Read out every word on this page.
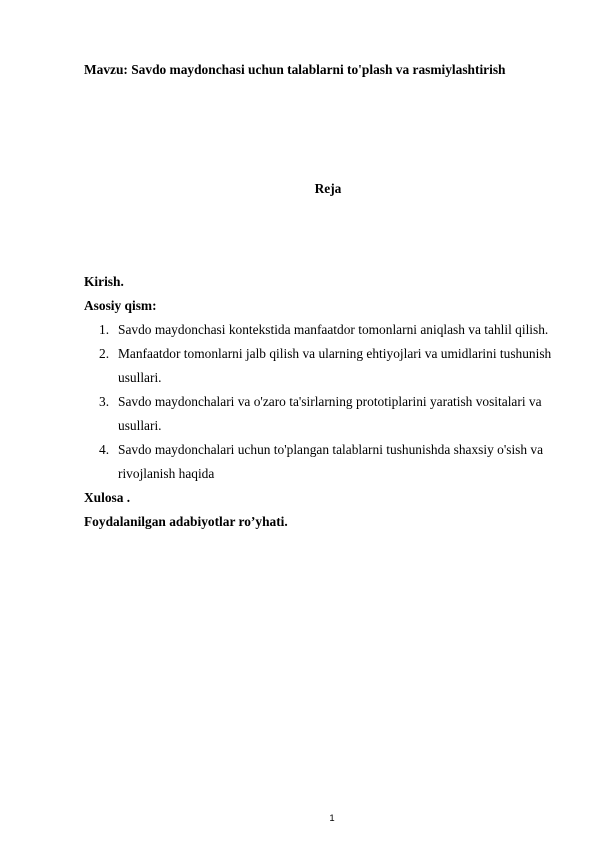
Mavzu: Savdo maydonchasi uchun talablarni to'plash va rasmiylashtirish
Reja

Kirish.

Asosiy qism:

1. Savdo maydonchasi kontekstida manfaatdor tomonlarni aniqlash va tahlil qilish.
2. Manfaatdor tomonlarni jalb qilish va ularning ehtiyojlari va umidlarini tushunish usullari.
3. Savdo maydonchalari va o'zaro ta'sirlarning prototiplarini yaratish vositalari va usullari.
4. Savdo maydonchalari uchun to'plangan talablarni tushunishda shaxsiy o'sish va rivojlanish haqida

Xulosa .

Foydalanilgan adabiyotlar ro’yhati.

1
